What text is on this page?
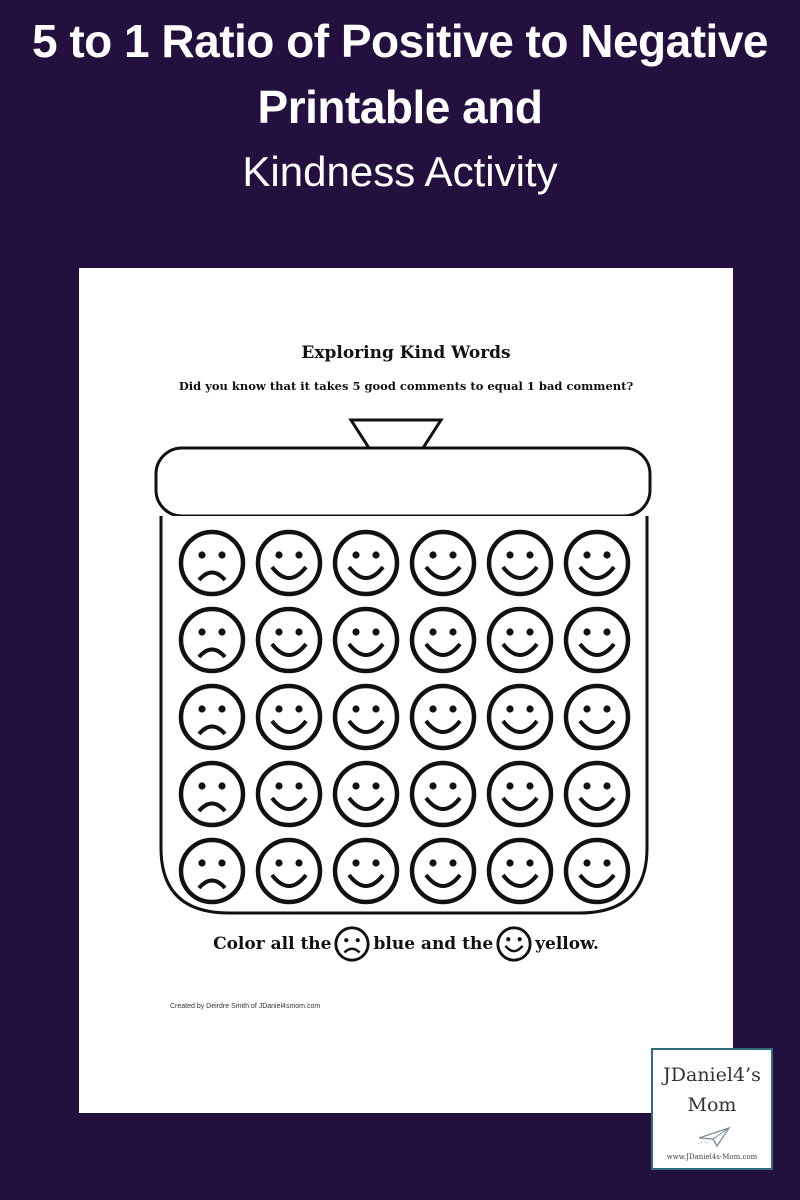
5 to 1 Ratio of Positive to Negative
Printable and
Kindness Activity
Exploring Kind Words
Did you know that it takes 5 good comments to equal 1 bad comment?
Color all the blue and the yellow.
Created by Deirdre Smith of JDaniel4smom.com
JDaniel4’s
Mom
www.JDaniel4s-Mom.com
